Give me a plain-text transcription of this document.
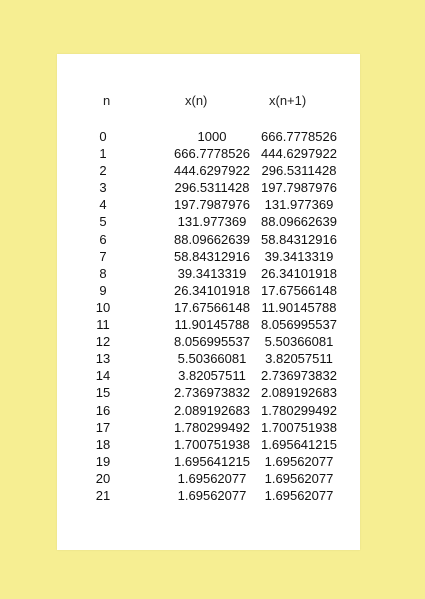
n	x(n)	x(n+1)
0	1000	666.7778526
1	666.7778526 444.6297922
2	444.6297922 296.5311428
3	296.5311428 197.7987976
4	197.7987976	131.977369
5	131.977369	88.09662639
6	88.09662639 58.84312916
7	58.84312916	39.3413319
8	39.3413319	26.34101918
9	26.34101918 17.67566148
10	17.67566148 11.90145788
11	11.90145788 8.056995537
12	8.056995537	5.50366081
13	5.50366081	3.82057511
14	3.82057511	2.736973832
15	2.736973832 2.089192683
16	2.089192683 1.780299492
17	1.780299492 1.700751938
18	1.700751938 1.695641215
19	1.695641215	1.69562077
20	1.69562077	1.69562077
21	1.69562077	1.69562077
